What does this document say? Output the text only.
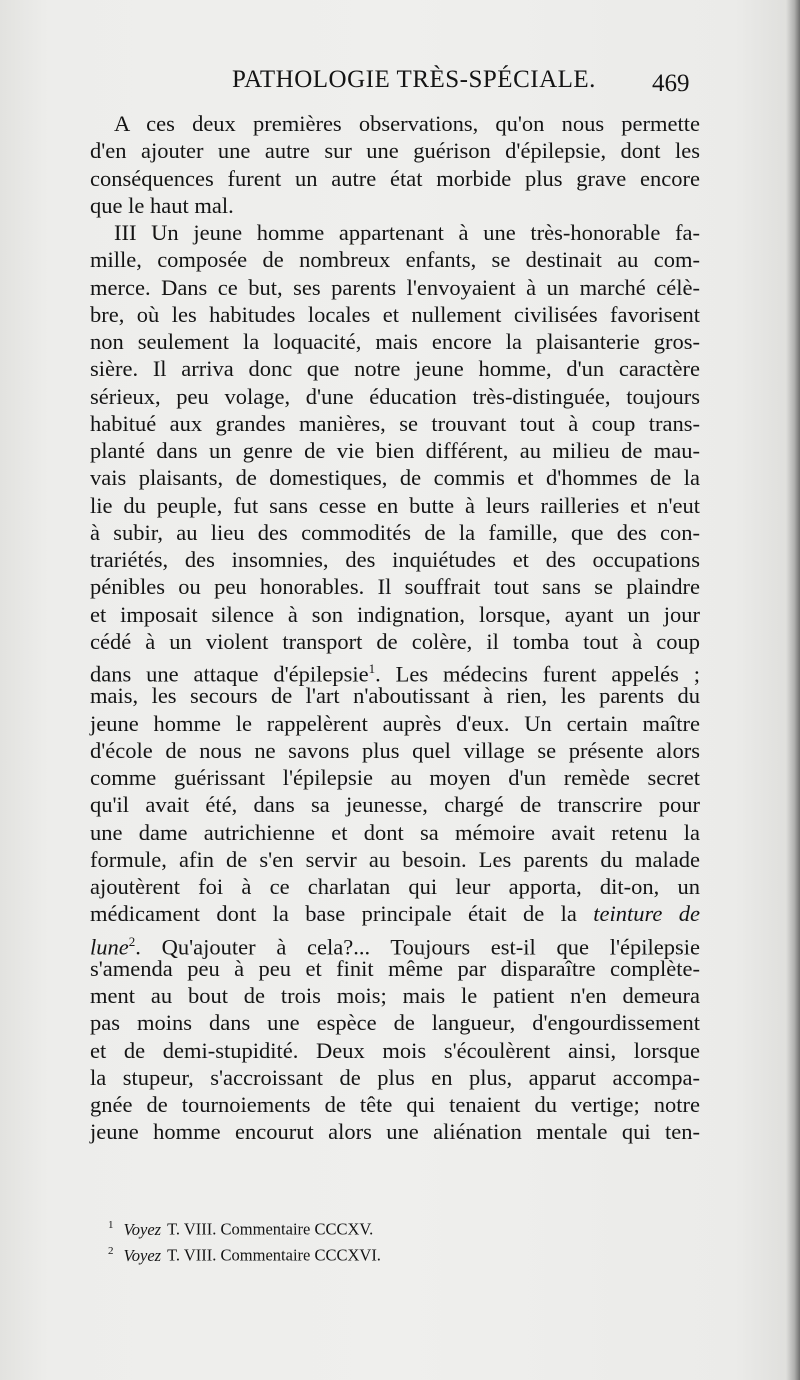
PATHOLOGIE TRÈS-SPÉCIALE. 469
A ces deux premières observations, qu'on nous permette
d'en ajouter une autre sur une guérison d'épilepsie, dont les
conséquences furent un autre état morbide plus grave encore
que le haut mal.
III Un jeune homme appartenant à une très-honorable fa-
mille, composée de nombreux enfants, se destinait au com-
merce. Dans ce but, ses parents l'envoyaient à un marché célè-
bre, où les habitudes locales et nullement civilisées favorisent
non seulement la loquacité, mais encore la plaisanterie gros-
sière. Il arriva donc que notre jeune homme, d'un caractère
sérieux, peu volage, d'une éducation très-distinguée, toujours
habitué aux grandes manières, se trouvant tout à coup trans-
planté dans un genre de vie bien différent, au milieu de mau-
vais plaisants, de domestiques, de commis et d'hommes de la
lie du peuple, fut sans cesse en butte à leurs railleries et n'eut
à subir, au lieu des commodités de la famille, que des con-
trariétés, des insomnies, des inquiétudes et des occupations
pénibles ou peu honorables. Il souffrait tout sans se plaindre
et imposait silence à son indignation, lorsque, ayant un jour
cédé à un violent transport de colère, il tomba tout à coup
dans une attaque d'épilepsie$^1$. Les médecins furent appelés ;
mais, les secours de l'art n'aboutissant à rien, les parents du
jeune homme le rappelèrent auprès d'eux. Un certain maître
d'école de nous ne savons plus quel village se présente alors
comme guérissant l'épilepsie au moyen d'un remède secret
qu'il avait été, dans sa jeunesse, chargé de transcrire pour
une dame autrichienne et dont sa mémoire avait retenu la
formule, afin de s'en servir au besoin. Les parents du malade
ajoutèrent foi à ce charlatan qui leur apporta, dit-on, un
médicament dont la base principale était de la teinture de
lune$^2$. Qu'ajouter à cela?... Toujours est-il que l'épilepsie
s'amenda peu à peu et finit même par disparaître complète-
ment au bout de trois mois; mais le patient n'en demeura
pas moins dans une espèce de langueur, d'engourdissement
et de demi-stupidité. Deux mois s'écoulèrent ainsi, lorsque
la stupeur, s'accroissant de plus en plus, apparut accompa-
gnée de tournoiements de tête qui tenaient du vertige; notre
jeune homme encourut alors une aliénation mentale qui ten-
$^1$ Voyez T. VIII. Commentaire CCCXV.
$^2$ Voyez T. VIII. Commentaire CCCXVI.
